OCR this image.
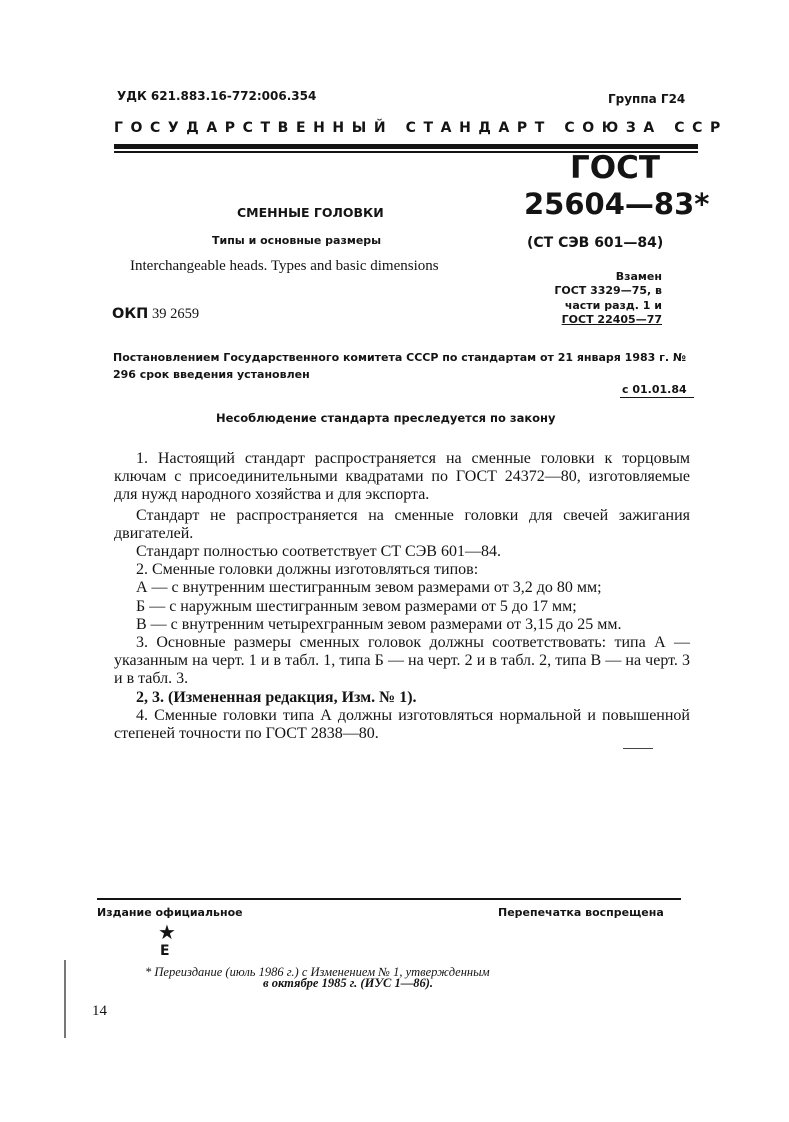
УДК 621.883.16-772:006.354	Группа Г24
ГОСУДАРСТВЕННЫЙ СТАНДАРТ СОЮЗА ССР
ГОСТ
25604—83*
СМЕННЫЕ ГОЛОВКИ
Типы и основные размеры	(СТ СЭВ 601—84)
Interchangeable heads. Types and basic dimensions
Взамен
ГОСТ 3329—75, в
части разд. 1 и
ГОСТ 22405—77
ОКП 39 2659
Постановлением Государственного комитета СССР по стандартам от 21 января 1983 г. № 296 срок введения установлен
с 01.01.84
Несоблюдение стандарта преследуется по закону

1. Настоящий стандарт распространяется на сменные головки к торцовым ключам с присоединительными квадратами по ГОСТ 24372—80, изготовляемые для нужд народного хозяйства и для экспорта.

Стандарт не распространяется на сменные головки для свечей зажигания двигателей.

Стандарт полностью соответствует СТ СЭВ 601—84.

2. Сменные головки должны изготовляться типов:

А — с внутренним шестигранным зевом размерами от 3,2 до 80 мм;

Б — с наружным шестигранным зевом размерами от 5 до 17 мм;

В — с внутренним четырехгранным зевом размерами от 3,15 до 25 мм.

3. Основные размеры сменных головок должны соответствовать: типа А — указанным на черт. 1 и в табл. 1, типа Б — на черт. 2 и в табл. 2, типа В — на черт. 3 и в табл. 3.

2, 3. (Измененная редакция, Изм. № 1).

4. Сменные головки типа А должны изготовляться нормальной и повышенной степеней точности по ГОСТ 2838—80.

Издание официальное	Перепечатка воспрещена
★
Е
* Переиздание (июль 1986 г.) с Изменением № 1, утвержденным
в октябре 1985 г. (ИУС 1—86).
14
